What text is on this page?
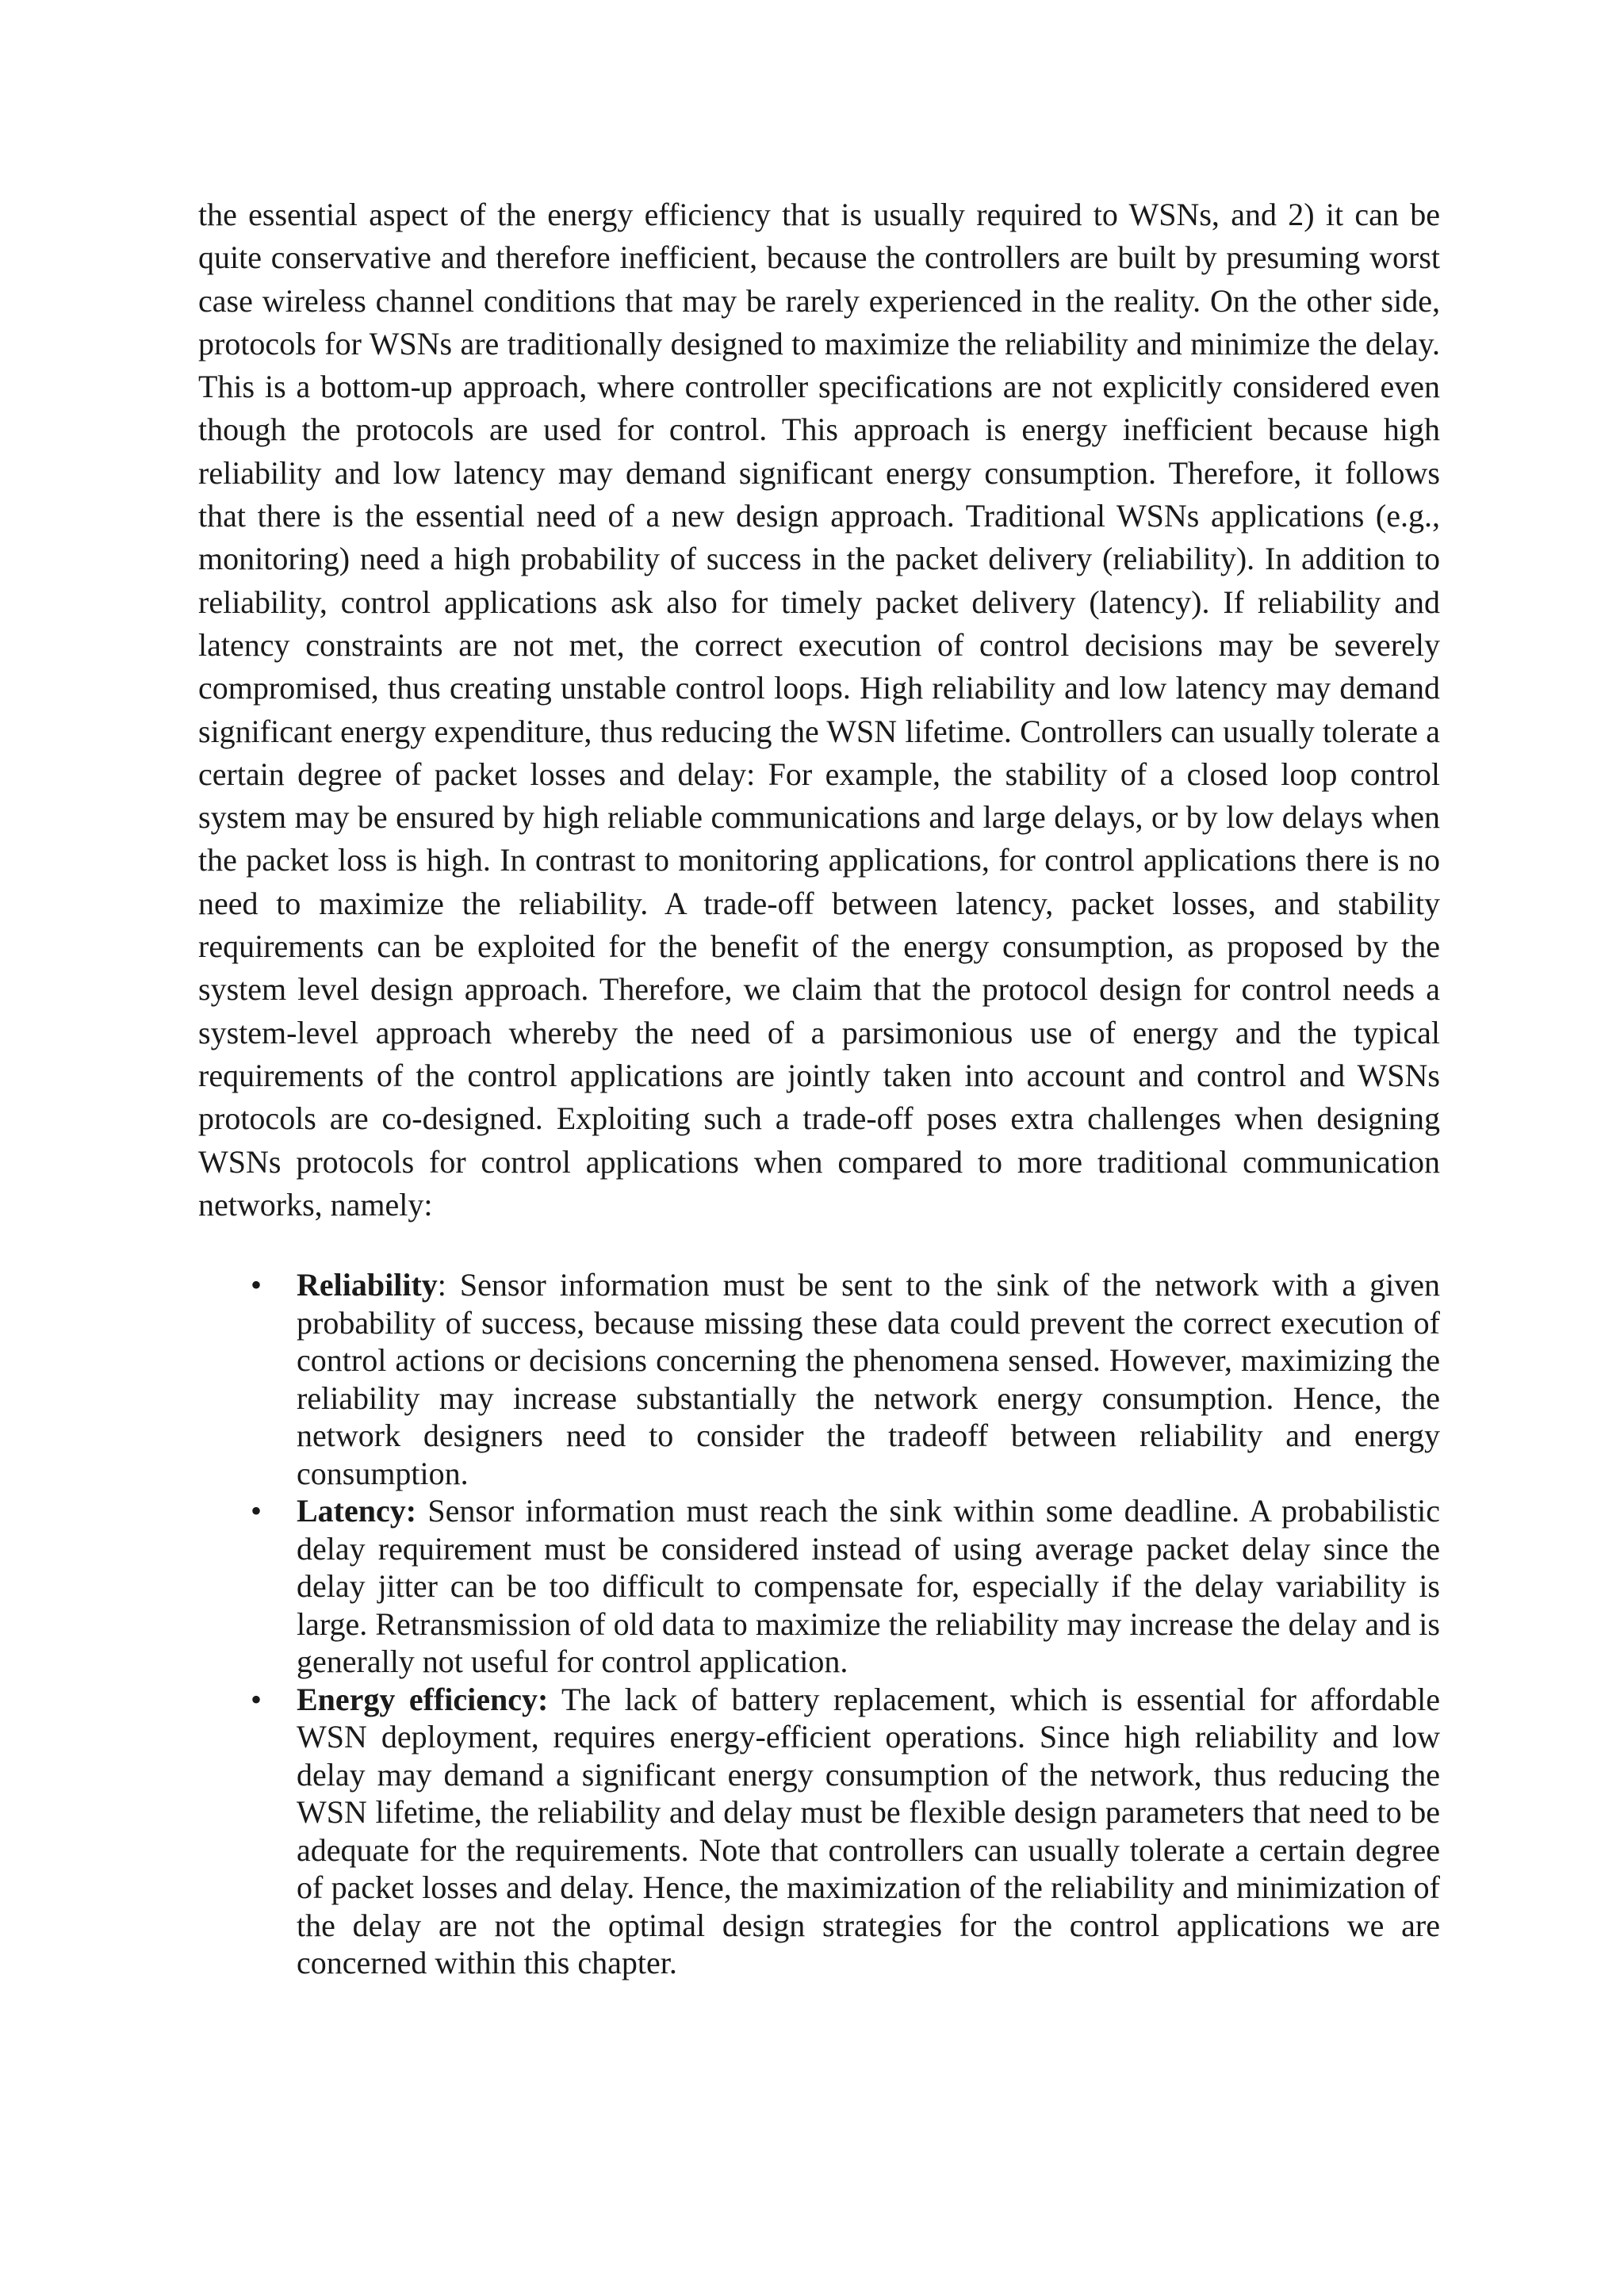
the essential aspect of the energy efficiency that is usually required to WSNs, and 2) it can be quite conservative and therefore inefficient, because the controllers are built by presuming worst case wireless channel conditions that may be rarely experienced in the reality. On the other side, protocols for WSNs are traditionally designed to maximize the reliability and minimize the delay. This is a bottom-up approach, where controller specifications are not explicitly considered even though the protocols are used for control. This approach is energy inefficient because high reliability and low latency may demand significant energy consumption. Therefore, it follows that there is the essential need of a new design approach. Traditional WSNs applications (e.g., monitoring) need a high probability of success in the packet delivery (reliability). In addition to reliability, control applications ask also for timely packet delivery (latency). If reliability and latency constraints are not met, the correct execution of control decisions may be severely compromised, thus creating unstable control loops. High reliability and low latency may demand significant energy expenditure, thus reducing the WSN lifetime. Controllers can usually tolerate a certain degree of packet losses and delay: For example, the stability of a closed loop control system may be ensured by high reliable communications and large delays, or by low delays when the packet loss is high. In contrast to monitoring applications, for control applications there is no need to maximize the reliability. A trade-off between latency, packet losses, and stability requirements can be exploited for the benefit of the energy consumption, as proposed by the system level design approach. Therefore, we claim that the protocol design for control needs a system-level approach whereby the need of a parsimonious use of energy and the typical requirements of the control applications are jointly taken into account and control and WSNs protocols are co-designed. Exploiting such a trade-off poses extra challenges when designing WSNs protocols for control applications when compared to more traditional communication networks, namely:

• Reliability: Sensor information must be sent to the sink of the network with a given probability of success, because missing these data could prevent the correct execution of control actions or decisions concerning the phenomena sensed. However, maximizing the reliability may increase substantially the network energy consumption. Hence, the network designers need to consider the tradeoff between reliability and energy consumption.
• Latency: Sensor information must reach the sink within some deadline. A probabilistic delay requirement must be considered instead of using average packet delay since the delay jitter can be too difficult to compensate for, especially if the delay variability is large. Retransmission of old data to maximize the reliability may increase the delay and is generally not useful for control application.
• Energy efficiency: The lack of battery replacement, which is essential for affordable WSN deployment, requires energy-efficient operations. Since high reliability and low delay may demand a significant energy consumption of the network, thus reducing the WSN lifetime, the reliability and delay must be flexible design parameters that need to be adequate for the requirements. Note that controllers can usually tolerate a certain degree of packet losses and delay. Hence, the maximization of the reliability and minimization of the delay are not the optimal design strategies for the control applications we are concerned within this chapter.
